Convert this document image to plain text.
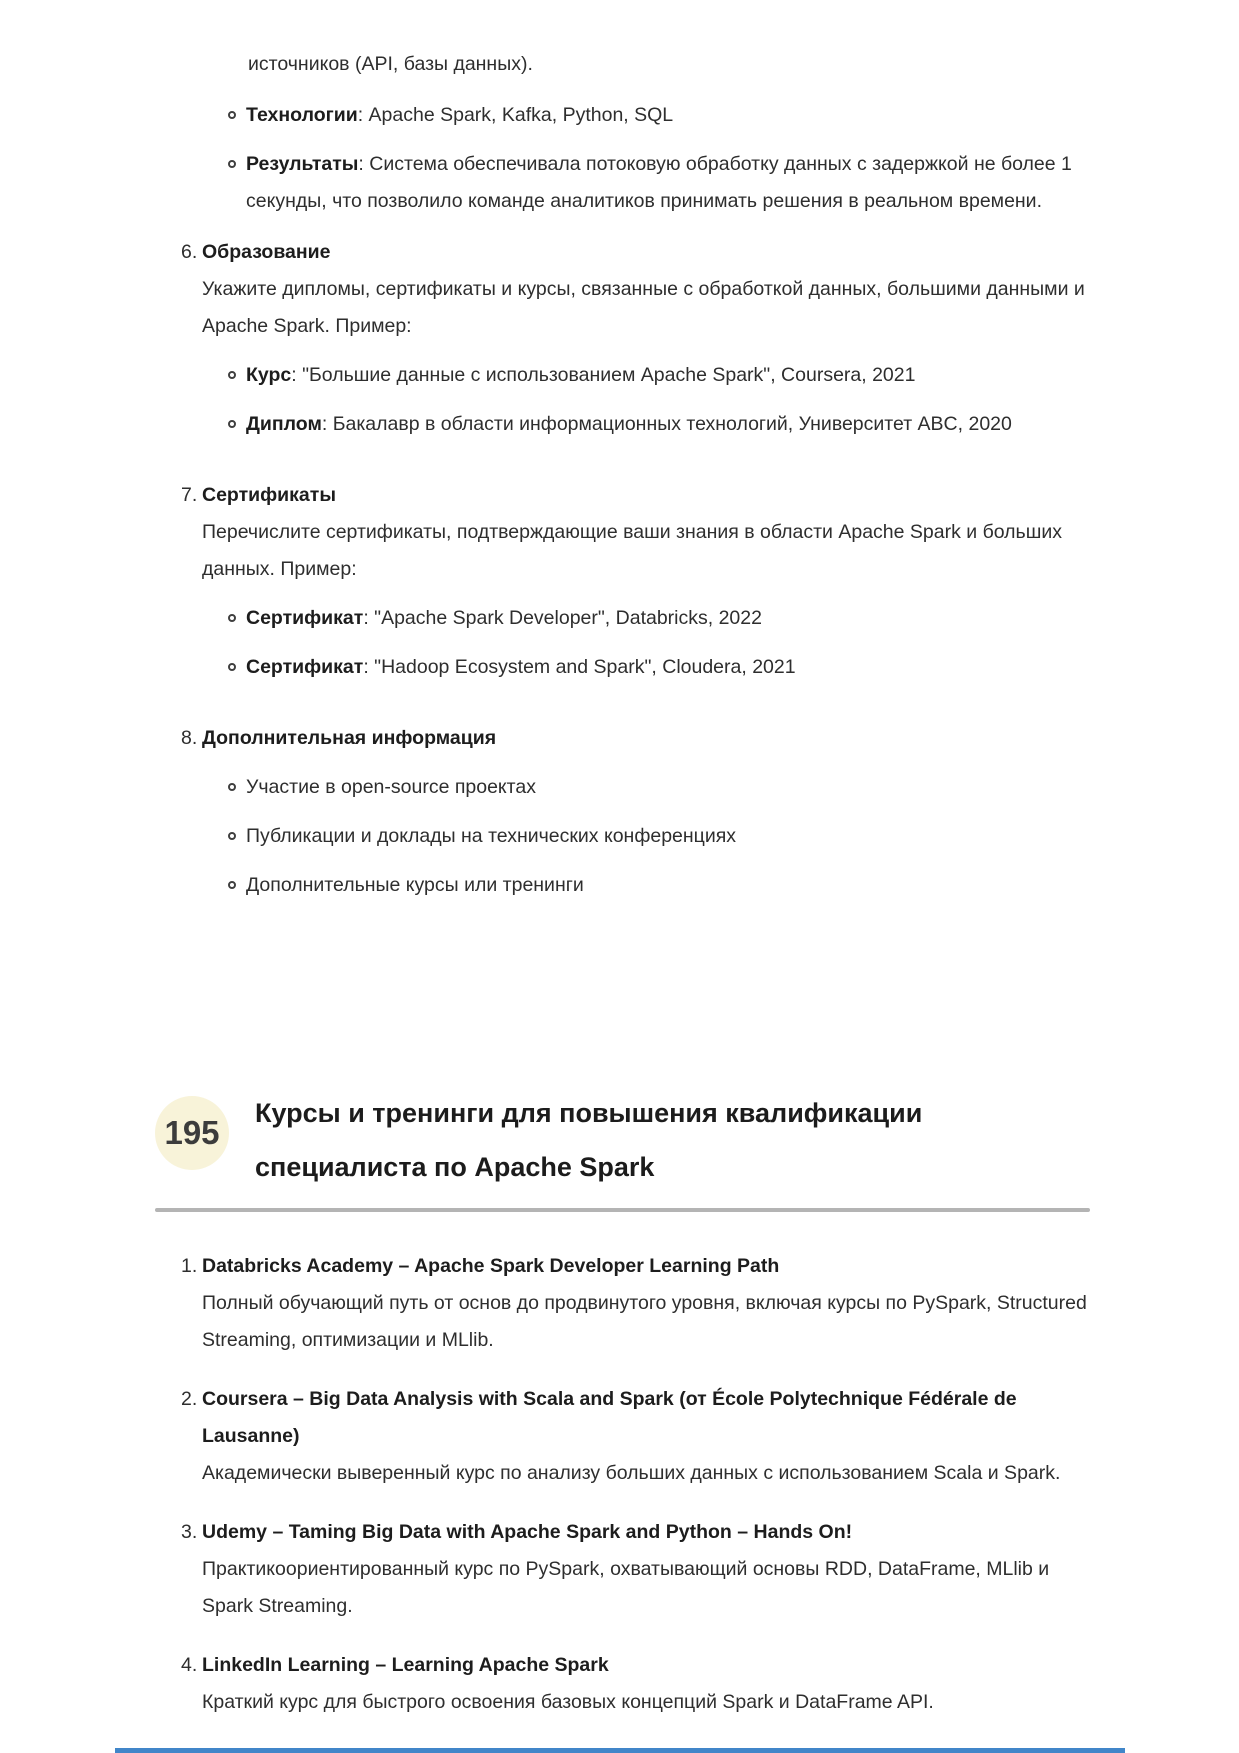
источников (API, базы данных).

Технологии: Apache Spark, Kafka, Python, SQL

Результаты: Система обеспечивала потоковую обработку данных с задержкой не более 1 секунды, что позволило команде аналитиков принимать решения в реальном времени.

6. Образование

Укажите дипломы, сертификаты и курсы, связанные с обработкой данных, большими данными и Apache Spark. Пример:

Курс: "Большие данные с использованием Apache Spark", Coursera, 2021

Диплом: Бакалавр в области информационных технологий, Университет ABC, 2020

7. Сертификаты

Перечислите сертификаты, подтверждающие ваши знания в области Apache Spark и больших данных. Пример:

Сертификат: "Apache Spark Developer", Databricks, 2022

Сертификат: "Hadoop Ecosystem and Spark", Cloudera, 2021

8. Дополнительная информация

Участие в open-source проектах

Публикации и доклады на технических конференциях

Дополнительные курсы или тренинги

195
Курсы и тренинги для повышения квалификации специалиста по Apache Spark
1. Databricks Academy – Apache Spark Developer Learning Path

Полный обучающий путь от основ до продвинутого уровня, включая курсы по PySpark, Structured Streaming, оптимизации и MLlib.

2. Coursera – Big Data Analysis with Scala and Spark (от École Polytechnique Fédérale de Lausanne)

Академически выверенный курс по анализу больших данных с использованием Scala и Spark.

3. Udemy – Taming Big Data with Apache Spark and Python – Hands On!

Практикоориентированный курс по PySpark, охватывающий основы RDD, DataFrame, MLlib и Spark Streaming.

4. LinkedIn Learning – Learning Apache Spark

Краткий курс для быстрого освоения базовых концепций Spark и DataFrame API.
